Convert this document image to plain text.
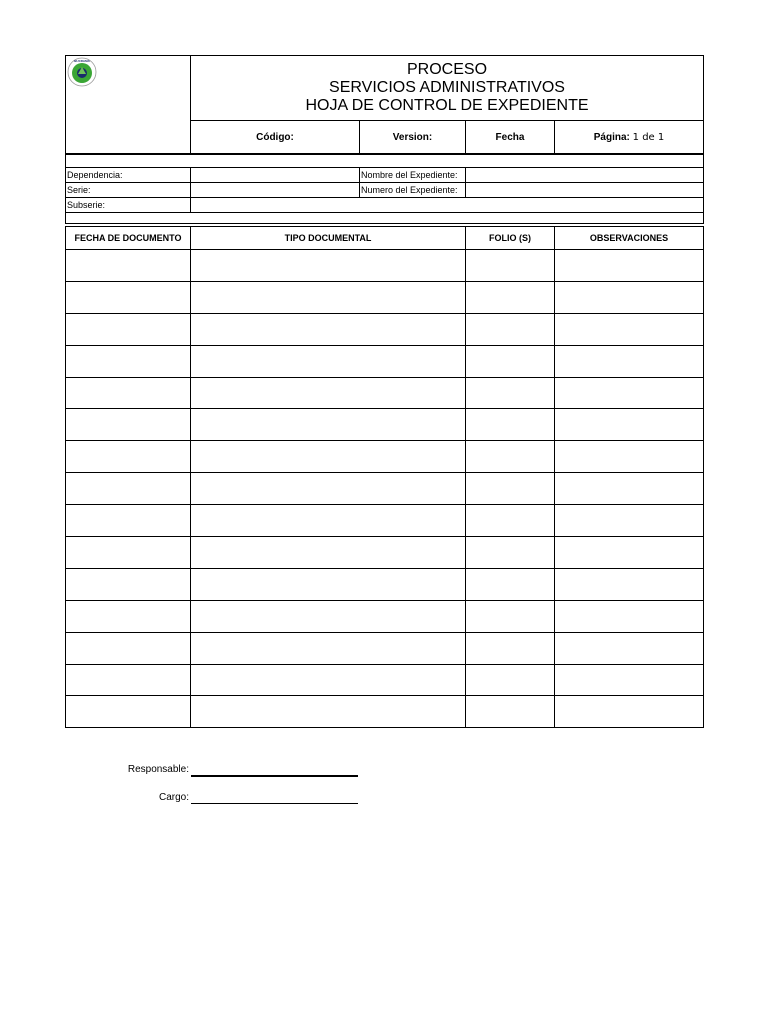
BUCRAMA	PROCESO
SERVICIOS ADMINISTRATIVOS
HOJA DE CONTROL DE EXPEDIENTE			

	Código:	Version:	Fecha	Página: 1 de 1

Dependencia:		Nombre del Expediente:	
Serie:		Numero del Expediente:	
Subserie:			

FECHA DE DOCUMENTO	TIPO DOCUMENTAL	FOLIO (S)	OBSERVACIONES

Responsable:
Cargo:
